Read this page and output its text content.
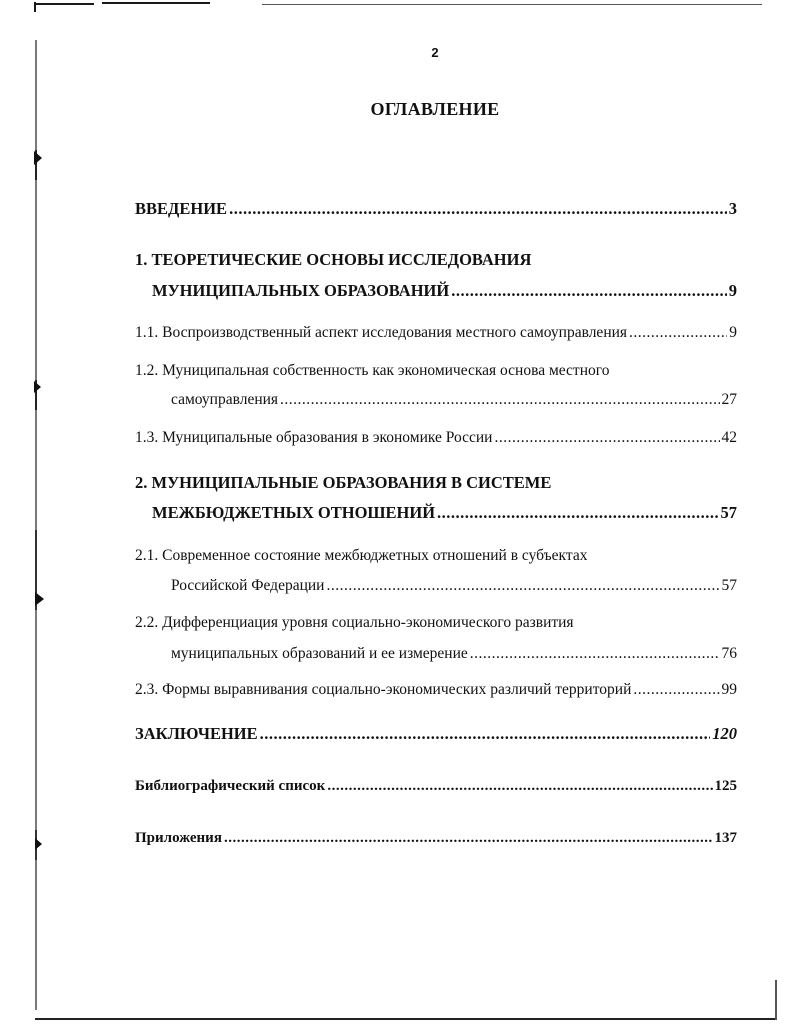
2
ОГЛАВЛЕНИЕ
ВВЕДЕНИЕ .....	3
1. ТЕОРЕТИЧЕСКИЕ ОСНОВЫ ИССЛЕДОВАНИЯ
МУНИЦИПАЛЬНЫХ ОБРАЗОВАНИЙ .....	9
1.1. Воспроизводственный аспект исследования местного самоуправления .....	9
1.2. Муниципальная собственность как экономическая основа местного
самоуправления .....	27
1.3. Муниципальные образования в экономике России .....	42
2. МУНИЦИПАЛЬНЫЕ ОБРАЗОВАНИЯ В СИСТЕМЕ
МЕЖБЮДЖЕТНЫХ ОТНОШЕНИЙ .....	57
2.1. Современное состояние межбюджетных отношений в субъектах
Российской Федерации .....	57
2.2. Дифференциация уровня социально-экономического развития
муниципальных образований и ее измерение .....	76
2.3. Формы выравнивания социально-экономических различий территорий .....	99
ЗАКЛЮЧЕНИЕ .....	120
Библиографический список .....	125
Приложения .....	137
